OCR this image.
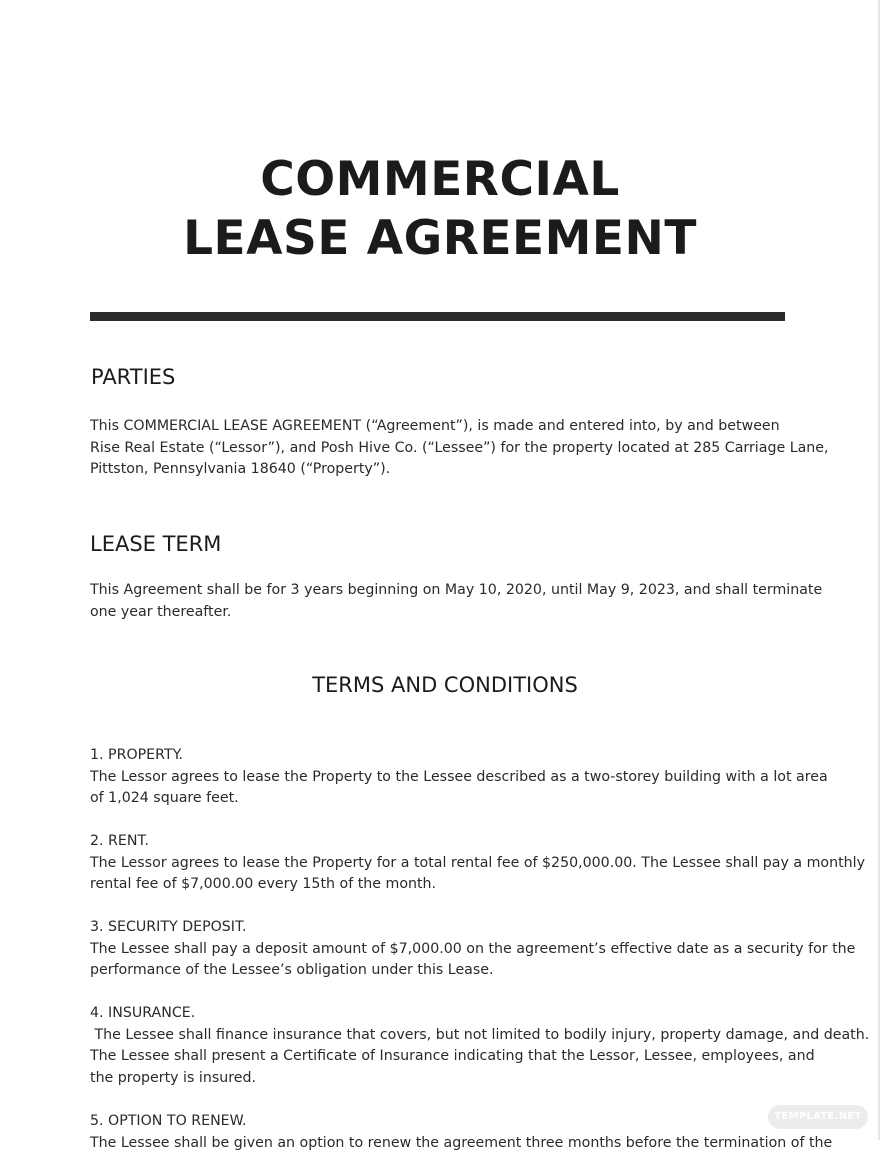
COMMERCIAL
LEASE AGREEMENT
PARTIES
This COMMERCIAL LEASE AGREEMENT (“Agreement”), is made and entered into, by and between
Rise Real Estate (“Lessor”), and Posh Hive Co. (“Lessee”) for the property located at 285 Carriage Lane,
Pittston, Pennsylvania 18640 (“Property”).
LEASE TERM
This Agreement shall be for 3 years beginning on May 10, 2020, until May 9, 2023, and shall terminate
one year thereafter.
TERMS AND CONDITIONS
1. PROPERTY.
The Lessor agrees to lease the Property to the Lessee described as a two-storey building with a lot area
of 1,024 square feet.
2. RENT.
The Lessor agrees to lease the Property for a total rental fee of $250,000.00. The Lessee shall pay a monthly
rental fee of $7,000.00 every 15th of the month.
3. SECURITY DEPOSIT.
The Lessee shall pay a deposit amount of $7,000.00 on the agreement’s effective date as a security for the
performance of the Lessee’s obligation under this Lease.
4. INSURANCE.
The Lessee shall finance insurance that covers, but not limited to bodily injury, property damage, and death.
The Lessee shall present a Certificate of Insurance indicating that the Lessor, Lessee, employees, and
the property is insured.
5. OPTION TO RENEW.
The Lessee shall be given an option to renew the agreement three months before the termination of the
TEMPLATE.NET
